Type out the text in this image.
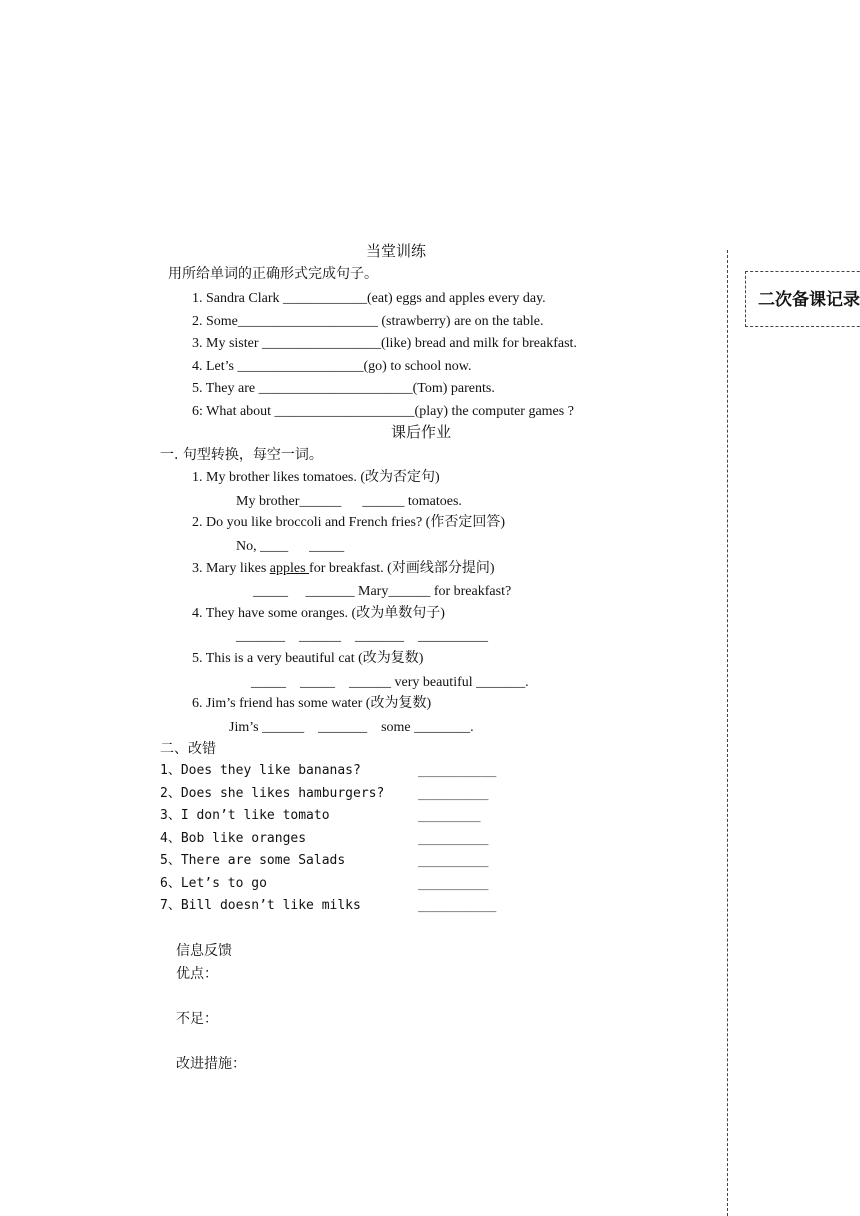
当堂训练
用所给单词的正确形式完成句子。
1. Sandra Clark ____________(eat) eggs and apples every day.
2. Some____________________ (strawberry) are on the table.
3. My sister _________________(like) bread and milk for breakfast.
4. Let’s __________________(go) to school now.
5. They are ______________________(Tom) parents.
6: What about ____________________(play) the computer games ?
课后作业
一. 句型转换，每空一词。
1. My brother likes tomatoes. (改为否定句)
My brother______      ______ tomatoes.
2. Do you like broccoli and French fries? (作否定回答)
No, ____      _____
3. Mary likes apples for breakfast. (对画线部分提问)
_____     _______ Mary______ for breakfast?
4. They have some oranges. (改为单数句子)
_______    ______    _______    __________
5. This is a very beautiful cat (改为复数)
_____    _____    ______ very beautiful _______.
6. Jim’s friend has some water (改为复数)
Jim’s ______    _______    some ________.
二、改错
1、Does they like bananas?	__________
2、Does she likes hamburgers?	_________
3、I don’t like tomato	________
4、Bob like oranges	_________
5、There are some Salads	_________
6、Let’s to go	_________
7、Bill doesn’t like milks	__________
信息反馈
优点：
不足：
改进措施：
二次备课记录
